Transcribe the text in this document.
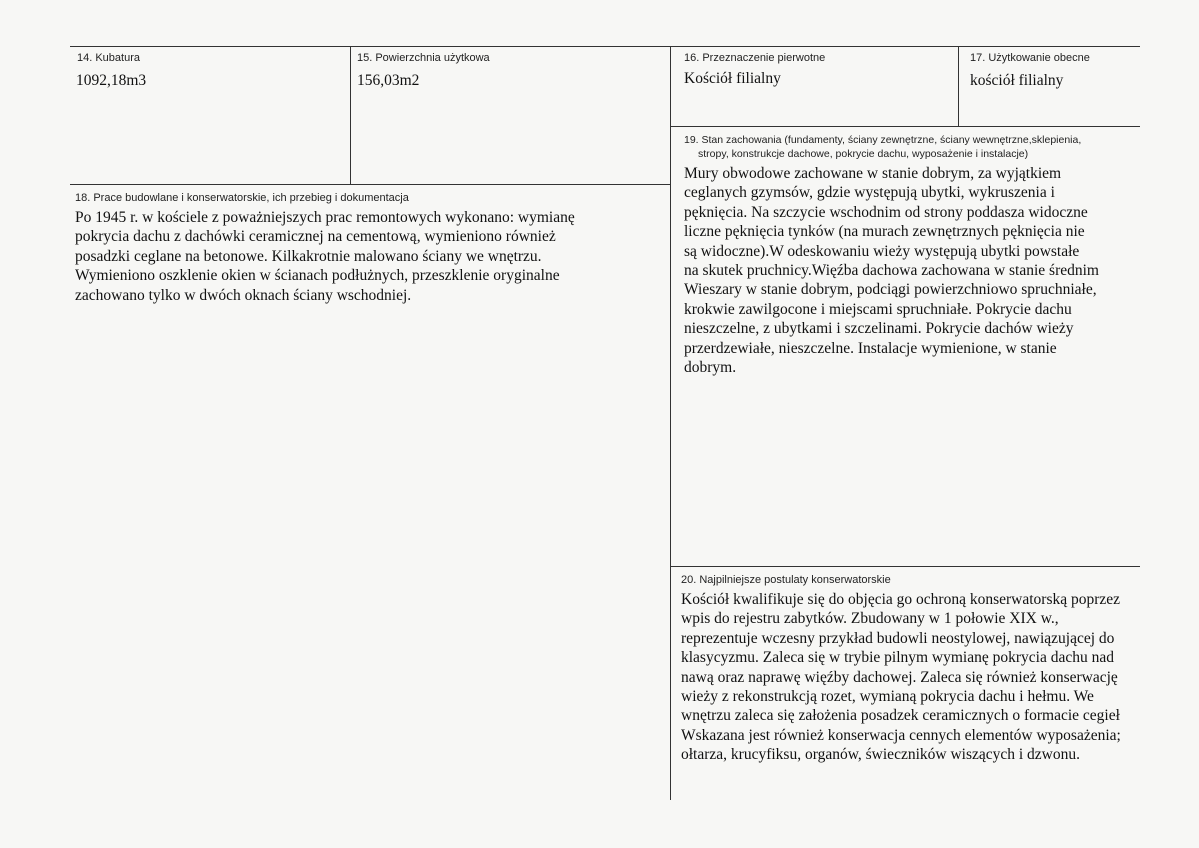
14. Kubatura
1092,18m3
15. Powierzchnia użytkowa
156,03m2
16. Przeznaczenie pierwotne
Kościół filialny
17. Użytkowanie obecne
kościół filialny
18. Prace budowlane i konserwatorskie, ich przebieg i dokumentacja
Po 1945 r. w kościele z poważniejszych prac remontowych wykonano: wymianę
pokrycia dachu z dachówki ceramicznej na cementową, wymieniono również
posadzki ceglane na betonowe. Kilkakrotnie malowano ściany we wnętrzu.
Wymieniono oszklenie okien w ścianach podłużnych, przeszklenie oryginalne
zachowano tylko w dwóch oknach ściany wschodniej.
19. Stan zachowania (fundamenty, ściany zewnętrzne, ściany wewnętrzne,sklepienia,
stropy, konstrukcje dachowe, pokrycie dachu, wyposażenie i instalacje)
Mury obwodowe zachowane w stanie dobrym, za wyjątkiem
ceglanych gzymsów, gdzie występują ubytki, wykruszenia i
pęknięcia. Na szczycie wschodnim od strony poddasza widoczne
liczne pęknięcia tynków (na murach zewnętrznych pęknięcia nie
są widoczne).W odeskowaniu wieży występują ubytki powstałe
na skutek pruchnicy.Więźba dachowa zachowana w stanie średnim
Wieszary w stanie dobrym, podciągi powierzchniowo spruchniałe,
krokwie zawilgocone i miejscami spruchniałe. Pokrycie dachu
nieszczelne, z ubytkami i szczelinami. Pokrycie dachów wieży
przerdzewiałe, nieszczelne. Instalacje wymienione, w stanie
dobrym.
20. Najpilniejsze postulaty konserwatorskie
Kościół kwalifikuje się do objęcia go ochroną konserwatorską poprzez
wpis do rejestru zabytków. Zbudowany w 1 połowie XIX w.,
reprezentuje wczesny przykład budowli neostylowej, nawiązującej do
klasycyzmu. Zaleca się w trybie pilnym wymianę pokrycia dachu nad
nawą oraz naprawę więźby dachowej. Zaleca się również konserwację
wieży z rekonstrukcją rozet, wymianą pokrycia dachu i hełmu. We
wnętrzu zaleca się założenia posadzek ceramicznych o formacie cegieł
Wskazana jest również konserwacja cennych elementów wyposażenia;
ołtarza, krucyfiksu, organów, świeczników wiszących i dzwonu.
